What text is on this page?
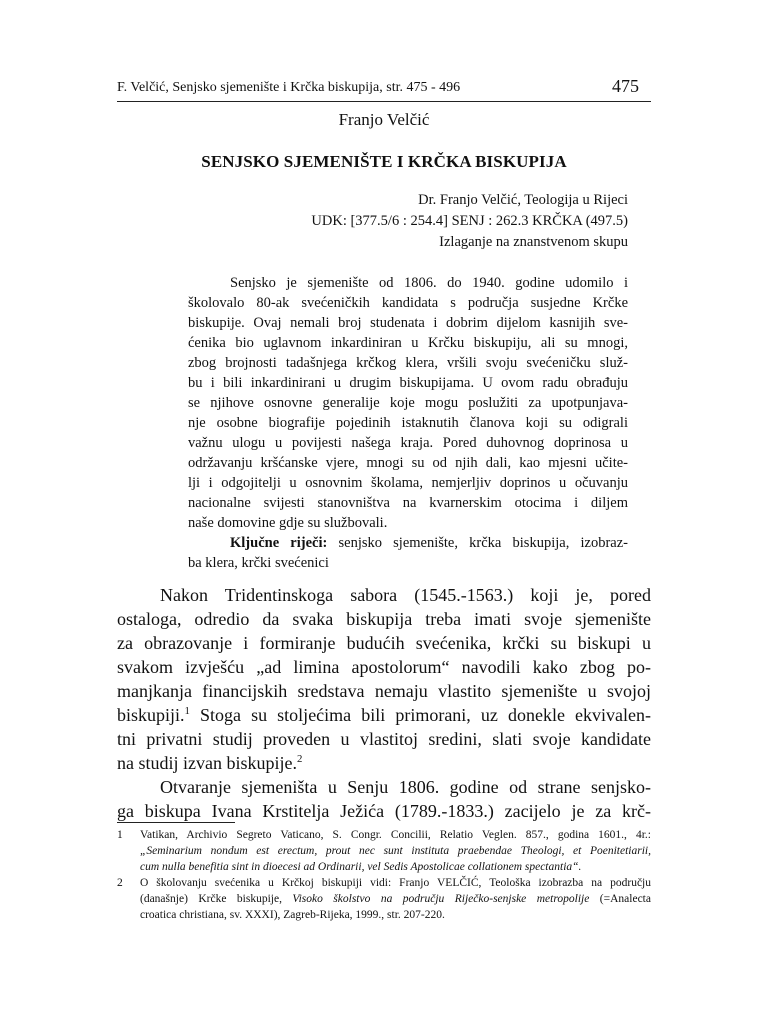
F. Velčić, Senjsko sjemenište i Krčka biskupija, str. 475 - 496	475
Franjo Velčić
SENJSKO SJEMENIŠTE I KRČKA BISKUPIJA
Dr. Franjo Velčić, Teologija u Rijeci
UDK: [377.5/6 : 254.4] SENJ : 262.3 KRČKA (497.5)
Izlaganje na znanstvenom skupu
Senjsko je sjemenište od 1806. do 1940. godine udomilo i
školovalo 80-ak svećeničkih kandidata s područja susjedne Krčke
biskupije. Ovaj nemali broj studenata i dobrim dijelom kasnijih sve-
ćenika bio uglavnom inkardiniran u Krčku biskupiju, ali su mnogi,
zbog brojnosti tadašnjega krčkog klera, vršili svoju svećeničku služ-
bu i bili inkardinirani u drugim biskupijama. U ovom radu obrađuju
se njihove osnovne generalije koje mogu poslužiti za upotpunjava-
nje osobne biografije pojedinih istaknutih članova koji su odigrali
važnu ulogu u povijesti našega kraja. Pored duhovnog doprinosa u
održavanju kršćanske vjere, mnogi su od njih dali, kao mjesni učite-
lji i odgojitelji u osnovnim školama, nemjerljiv doprinos u očuvanju
nacionalne svijesti stanovništva na kvarnerskim otocima i diljem
naše domovine gdje su službovali.
Ključne riječi: senjsko sjemenište, krčka biskupija, izobraz-
ba klera, krčki svećenici
Nakon Tridentinskoga sabora (1545.-1563.) koji je, pored
ostaloga, odredio da svaka biskupija treba imati svoje sjemenište
za obrazovanje i formiranje budućih svećenika, krčki su biskupi u
svakom izvješću „ad limina apostolorum“ navodili kako zbog po-
manjkanja financijskih sredstava nemaju vlastito sjemenište u svojoj
biskupiji.$^1$ Stoga su stoljećima bili primorani, uz donekle ekvivalen-
tni privatni studij proveden u vlastitoj sredini, slati svoje kandidate
na studij izvan biskupije.$^2$
Otvaranje sjemeništa u Senju 1806. godine od strane senjsko-
ga biskupa Ivana Krstitelja Ježića (1789.-1833.) zacijelo je za krč-
1 Vatikan, Archivio Segreto Vaticano, S. Congr. Concilii, Relatio Veglen. 857., godina 1601., 4r.:
„Seminarium nondum est erectum, prout nec sunt instituta praebendae Theologi, et Poenitetiarii,
cum nulla benefitia sint in dioecesi ad Ordinarii, vel Sedis Apostolicae collationem spectantia“.
2 O školovanju svećenika u Krčkoj biskupiji vidi: Franjo VELČIĆ, Teološka izobrazba na području
(današnje) Krčke biskupije, Visoko školstvo na području Riječko-senjske metropolije (=Analecta
croatica christiana, sv. XXXI), Zagreb-Rijeka, 1999., str. 207-220.
